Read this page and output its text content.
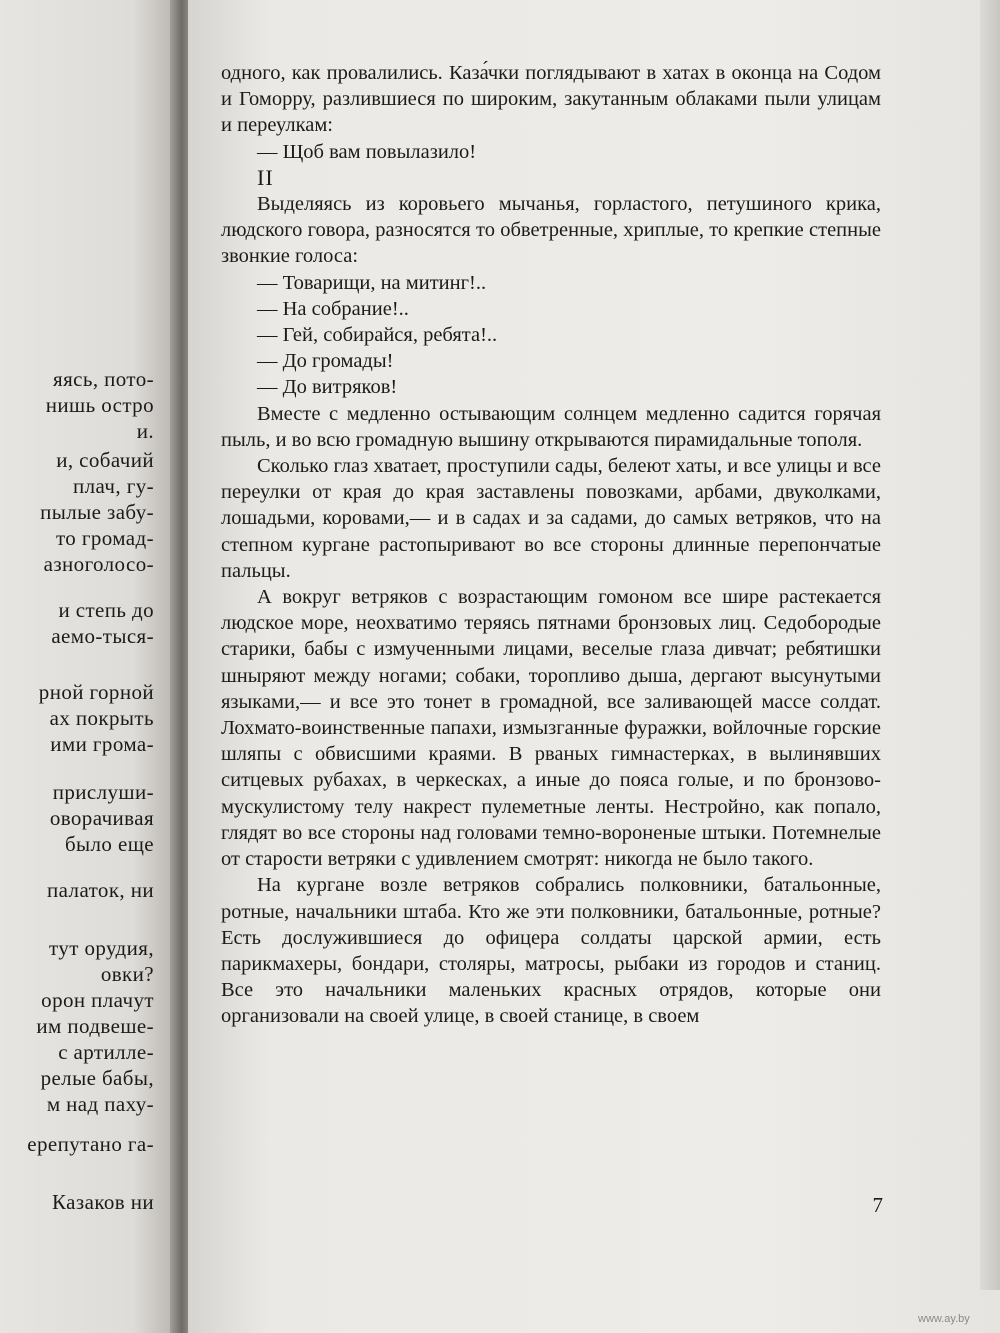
яясь, пото-
нишь остро
и.
и, собачий
плач, гу-
пылые забу-
то громад-
азноголосо-
и степь до
аемо-тыся-
рной горной
ах покрыть
ими грома-
прислуши-
оворачивая
было еще
палаток, ни
тут орудия,
овки?
орон плачут
им подвеше-
с артилле-
релые бабы,
м над паху-
ерепутано га-
Казаков ни

одного, как провалились. Каза́чки поглядывают в хатах в оконца на Содом и Гоморру, разлившиеся по широким, закутанным облаками пыли улицам и переулкам:

— Щоб вам повылазило!

II

Выделяясь из коровьего мычанья, горластого, петушиного крика, людского говора, разносятся то обветренные, хриплые, то крепкие степные звонкие голоса:

— Товарищи, на митинг!..

— На собрание!..

— Гей, собирайся, ребята!..

— До громады!

— До витряков!

Вместе с медленно остывающим солнцем медленно садится горячая пыль, и во всю громадную вышину открываются пирамидальные тополя.

Сколько глаз хватает, проступили сады, белеют хаты, и все улицы и все переулки от края до края заставлены повозками, арбами, двуколками, лошадьми, коровами,— и в садах и за садами, до самых ветряков, что на степном кургане растопыривают во все стороны длинные перепончатые пальцы.

А вокруг ветряков с возрастающим гомоном все шире растекается людское море, неохватимо теряясь пятнами бронзовых лиц. Седобородые старики, бабы с измученными лицами, веселые глаза дивчат; ребятишки шныряют между ногами; собаки, торопливо дыша, дергают высунутыми языками,— и все это тонет в громадной, все заливающей массе солдат. Лохмато-воинственные папахи, измызганные фуражки, войлочные горские шляпы с обвисшими краями. В рваных гимнастерках, в вылинявших ситцевых рубахах, в черкесках, а иные до пояса голые, и по бронзово-мускулистому телу накрест пулеметные ленты. Нестройно, как попало, глядят во все стороны над головами темно-вороненые штыки. Потемнелые от старости ветряки с удивлением смотрят: никогда не было такого.

На кургане возле ветряков собрались полковники, батальонные, ротные, начальники штаба. Кто же эти полковники, батальонные, ротные? Есть дослужившиеся до офицера солдаты царской армии, есть парикмахеры, бондари, столяры, матросы, рыбаки из городов и станиц. Все это начальники маленьких красных отрядов, которые они организовали на своей улице, в своей станице, в своем

7
www.ay.by
